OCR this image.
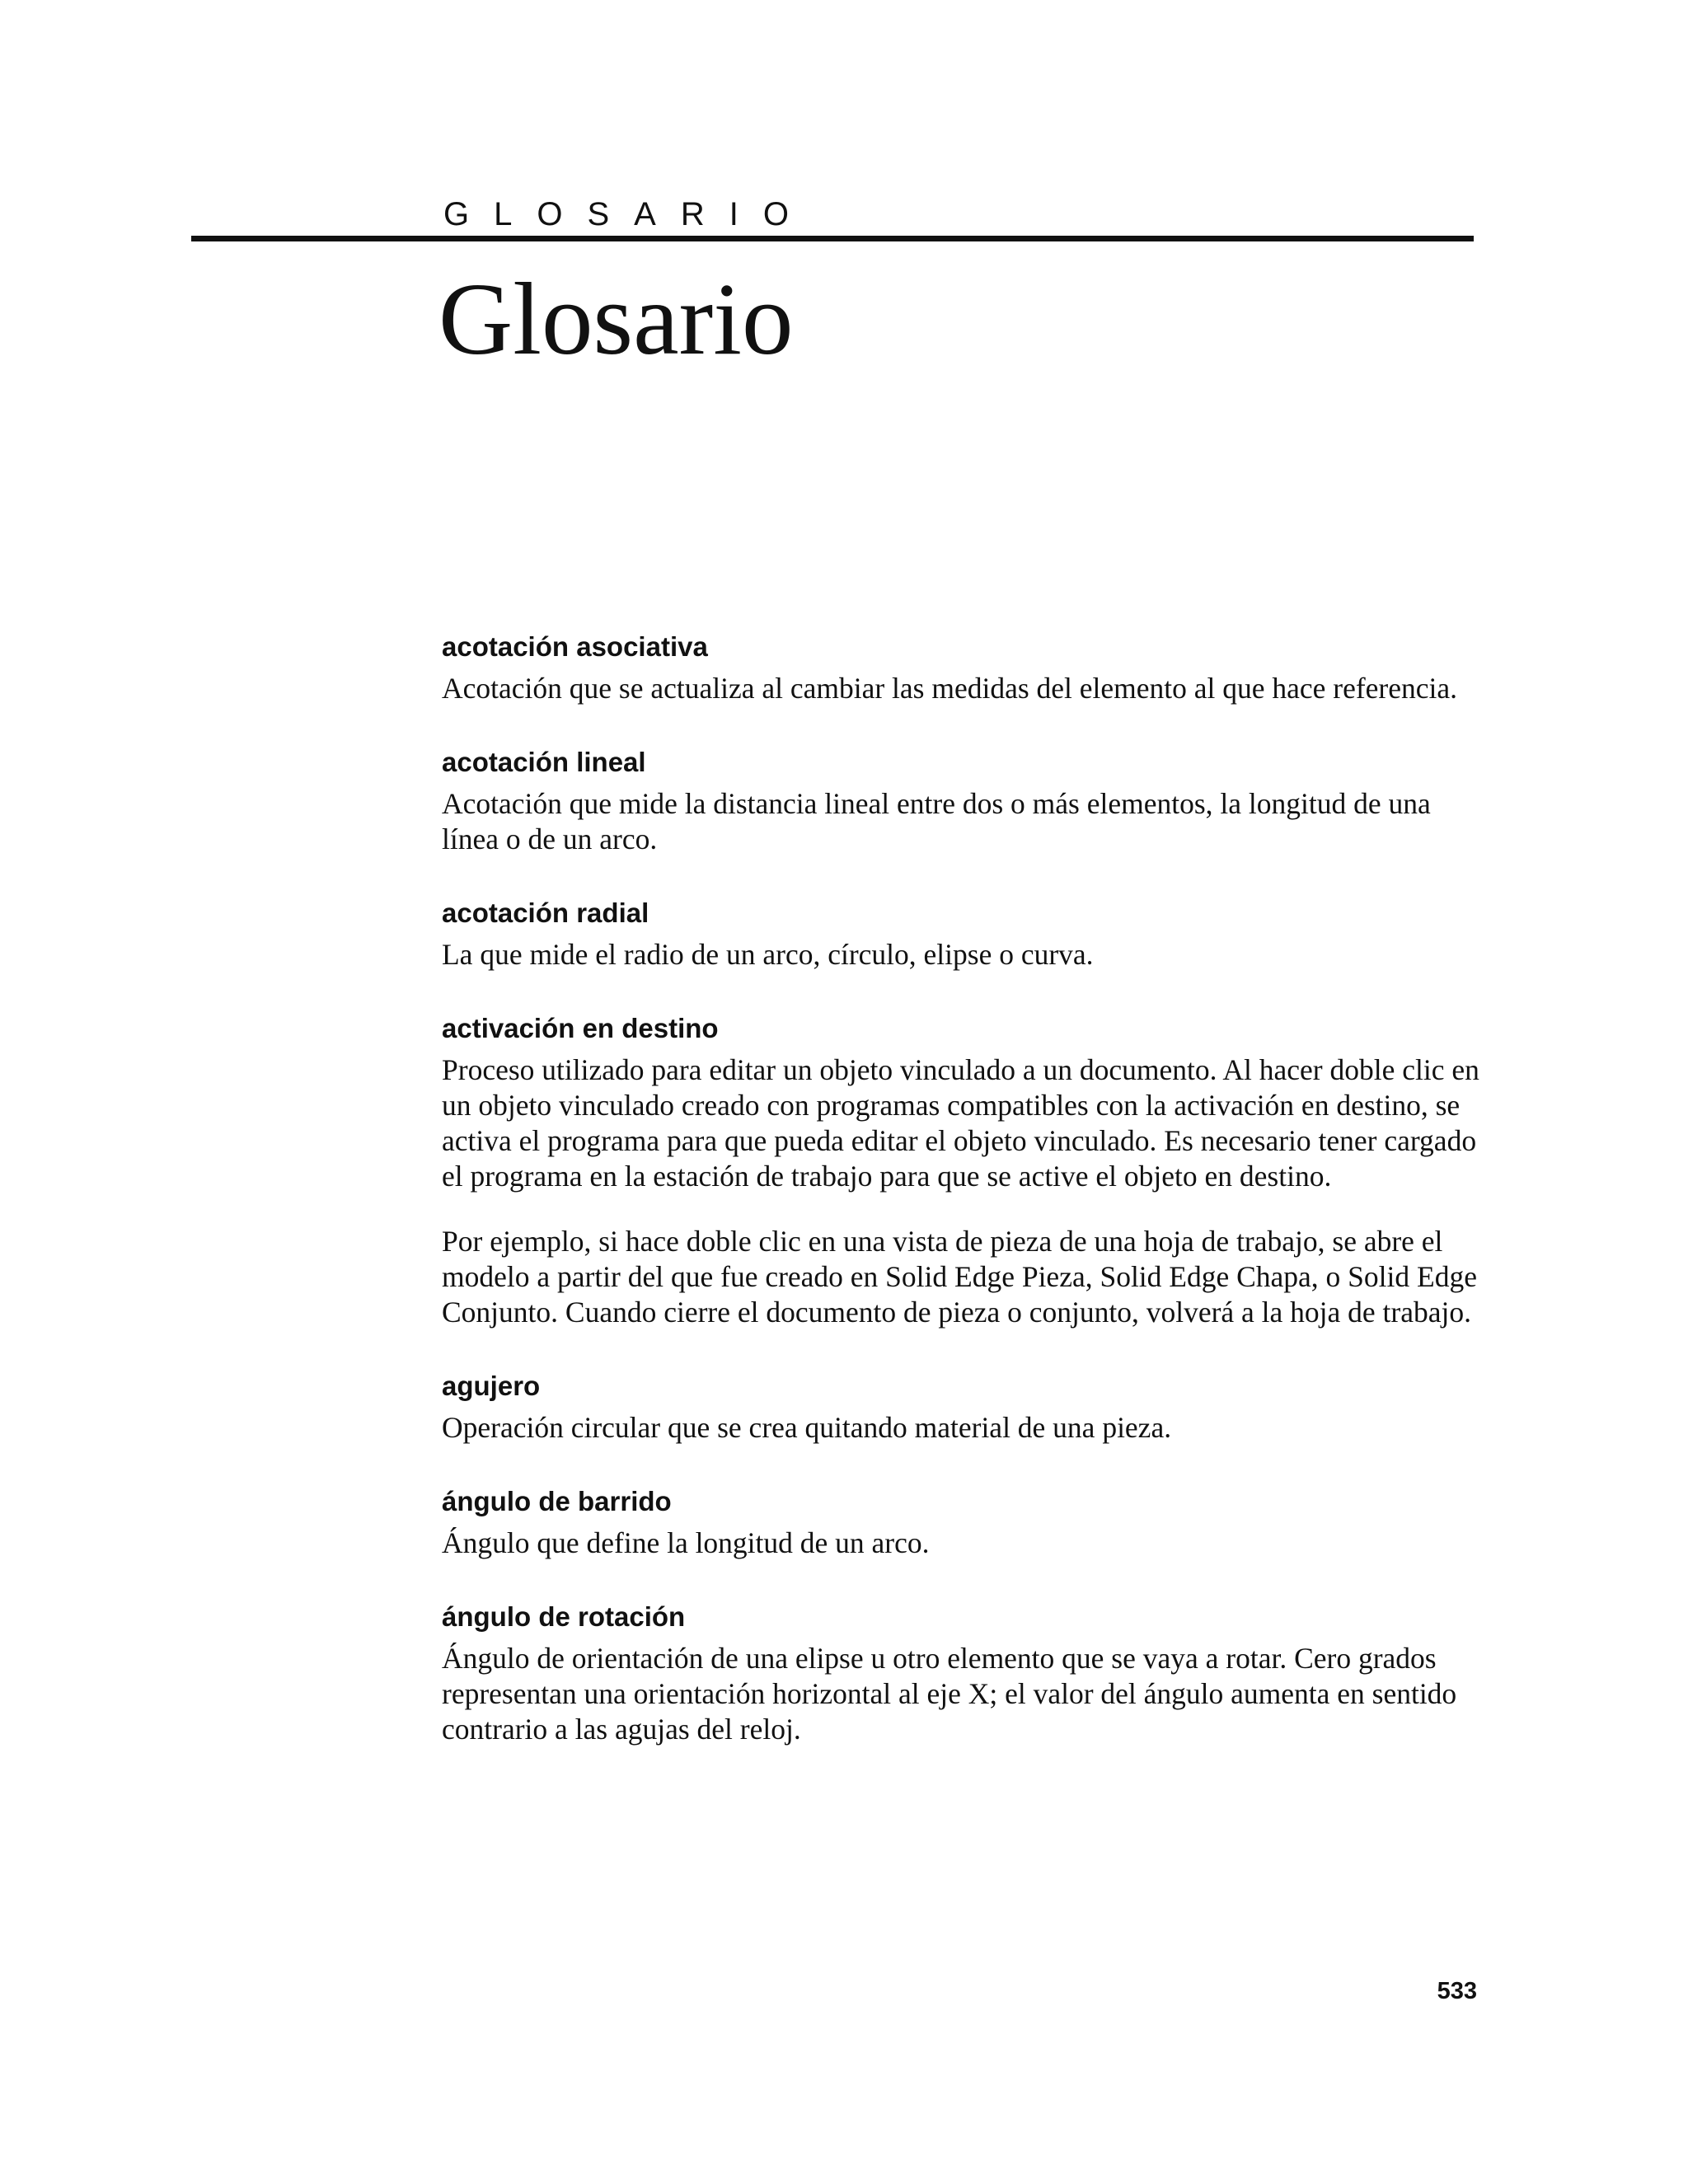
GLOSARIO
Glosario

acotación asociativa

Acotación que se actualiza al cambiar las medidas del elemento al que hace referencia.

acotación lineal

Acotación que mide la distancia lineal entre dos o más elementos, la longitud de una línea o de un arco.

acotación radial

La que mide el radio de un arco, círculo, elipse o curva.

activación en destino

Proceso utilizado para editar un objeto vinculado a un documento. Al hacer doble clic en un objeto vinculado creado con programas compatibles con la activación en destino, se activa el programa para que pueda editar el objeto vinculado. Es necesario tener cargado el programa en la estación de trabajo para que se active el objeto en destino.

Por ejemplo, si hace doble clic en una vista de pieza de una hoja de trabajo, se abre el modelo a partir del que fue creado en Solid Edge Pieza, Solid Edge Chapa, o Solid Edge Conjunto. Cuando cierre el documento de pieza o conjunto, volverá a la hoja de trabajo.

agujero

Operación circular que se crea quitando material de una pieza.

ángulo de barrido

Ángulo que define la longitud de un arco.

ángulo de rotación

Ángulo de orientación de una elipse u otro elemento que se vaya a rotar. Cero grados representan una orientación horizontal al eje X; el valor del ángulo aumenta en sentido contrario a las agujas del reloj.

533
